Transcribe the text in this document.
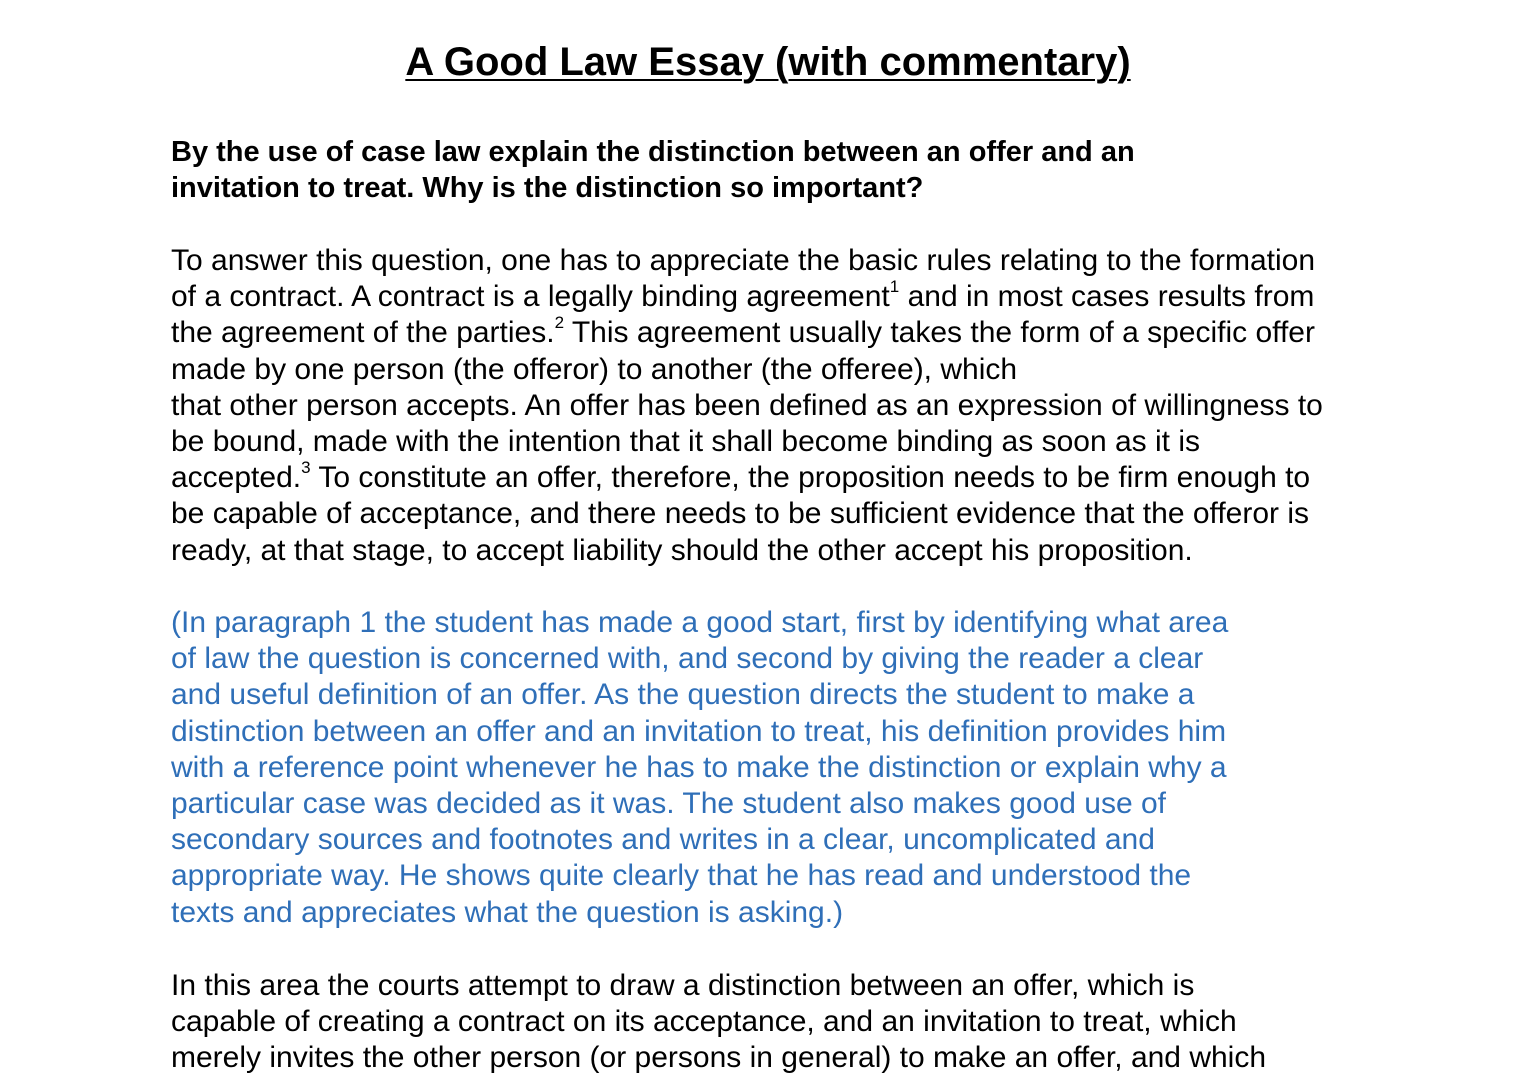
A Good Law Essay (with commentary)
By the use of case law explain the distinction between an offer and an
invitation to treat. Why is the distinction so important?
To answer this question, one has to appreciate the basic rules relating to the formation
of a contract. A contract is a legally binding agreement$^1$ and in most cases results from
the agreement of the parties.$^2$ This agreement usually takes the form of a specific offer
made by one person (the offeror) to another (the offeree), which
that other person accepts. An offer has been defined as an expression of willingness to
be bound, made with the intention that it shall become binding as soon as it is
accepted.$^3$ To constitute an offer, therefore, the proposition needs to be firm enough to
be capable of acceptance, and there needs to be sufficient evidence that the offeror is
ready, at that stage, to accept liability should the other accept his proposition.
(In paragraph 1 the student has made a good start, first by identifying what area
of law the question is concerned with, and second by giving the reader a clear
and useful definition of an offer. As the question directs the student to make a
distinction between an offer and an invitation to treat, his definition provides him
with a reference point whenever he has to make the distinction or explain why a
particular case was decided as it was. The student also makes good use of
secondary sources and footnotes and writes in a clear, uncomplicated and
appropriate way. He shows quite clearly that he has read and understood the
texts and appreciates what the question is asking.)
In this area the courts attempt to draw a distinction between an offer, which is
capable of creating a contract on its acceptance, and an invitation to treat, which
merely invites the other person (or persons in general) to make an offer, and which
